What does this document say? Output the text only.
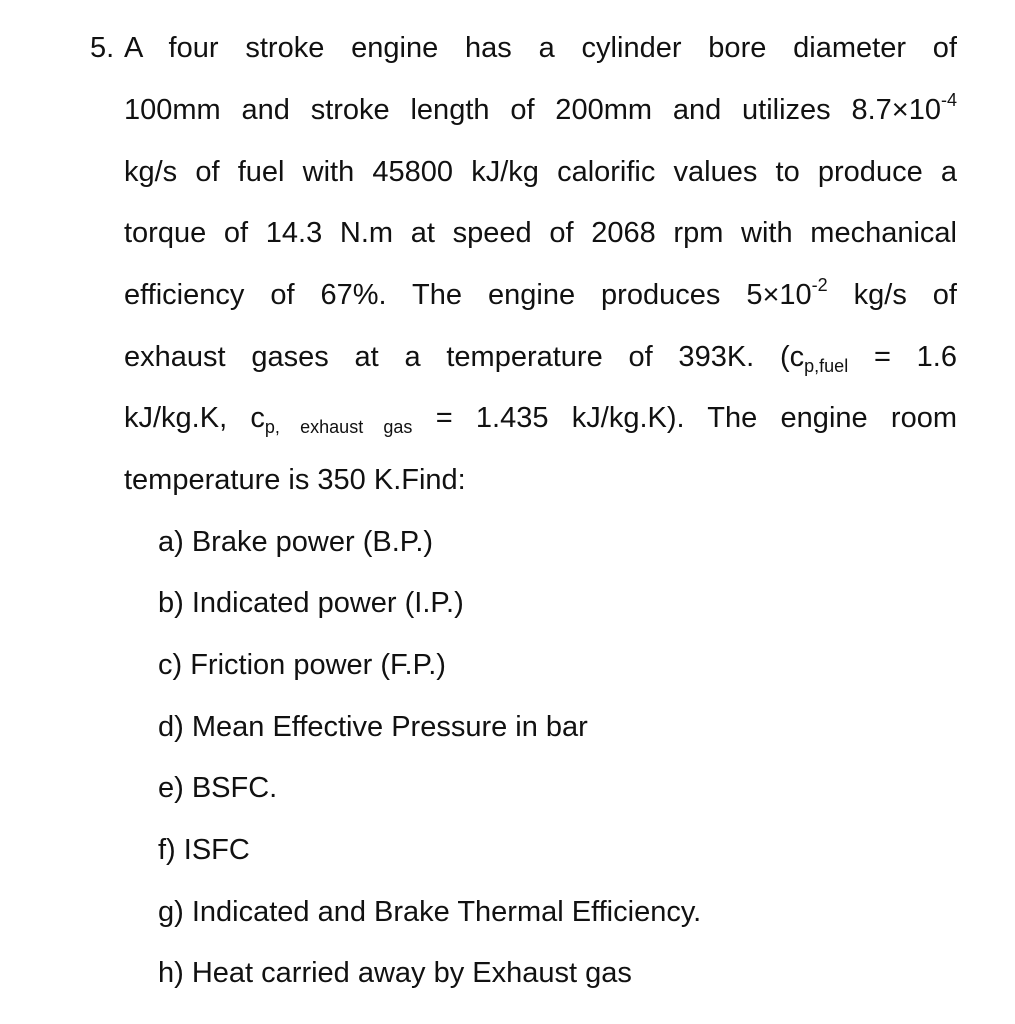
5. A four stroke engine has a cylinder bore diameter of
100mm and stroke length of 200mm and utilizes $8.7\times 10^{-4}$
kg/s of fuel with 45800 kJ/kg calorific values to produce a
torque of 14.3 N.m at speed of 2068 rpm with mechanical
efficiency of 67%. The engine produces $5\times 10^{-2}$ kg/s of
exhaust gases at a temperature of 393K. ($c_{p,fuel} = 1.6$
kJ/kg.K, $c_{p, exhaust gas} = 1.435$ kJ/kg.K). The engine room
temperature is 350 K.Find:
a) Brake power (B.P.)
b) Indicated power (I.P.)
c) Friction power (F.P.)
d) Mean Effective Pressure in bar
e) BSFC.
f) ISFC
g) Indicated and Brake Thermal Efficiency.
h) Heat carried away by Exhaust gas
